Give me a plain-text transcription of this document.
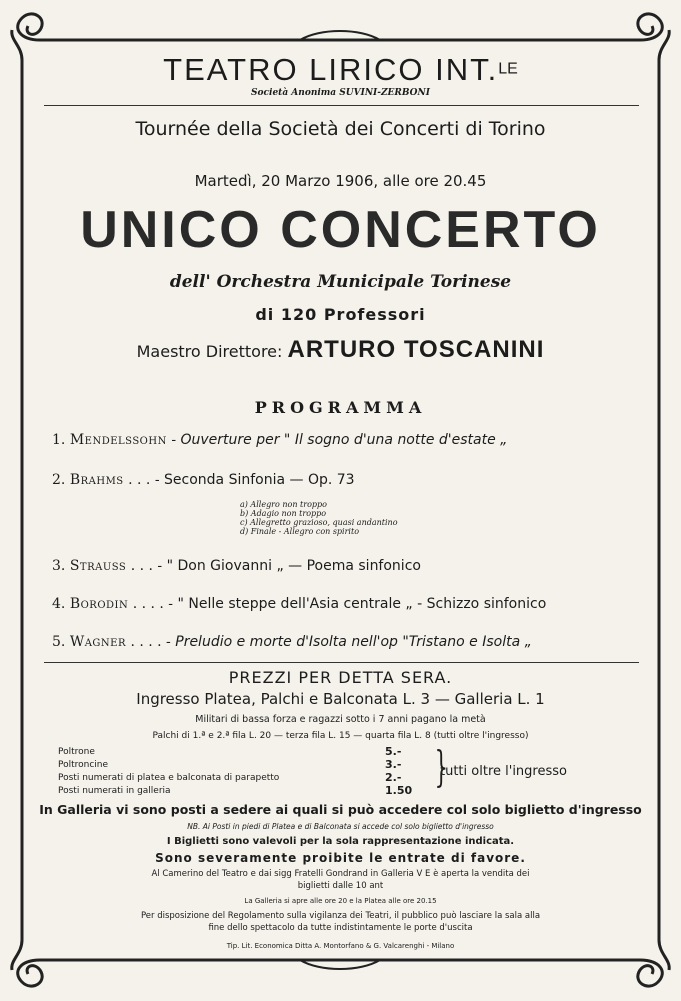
TEATRO LIRICO INT.$^{LE}$
Società Anonima SUVINI-ZERBONI
Tournée della Società dei Concerti di Torino
Martedì, 20 Marzo 1906, alle ore 20.45
UNICO CONCERTO
dell' Orchestra Municipale Torinese
di 120 Professori
Maestro Direttore: ARTURO TOSCANINI
PROGRAMMA
1. Mendelssohn - Ouverture per " Il sogno d'una notte d'estate „
2. Brahms . . . - Seconda Sinfonia — Op. 73
a) Allegro non troppo
b) Adagio non troppo
c) Allegretto grazioso, quasi andantino
d) Finale - Allegro con spirito
3. Strauss . . . - " Don Giovanni „ — Poema sinfonico
4. Borodin . . . . - " Nelle steppe dell'Asia centrale „ - Schizzo sinfonico
5. Wagner . . . . - Preludio e morte d'Isolta nell'op "Tristano e Isolta „
PREZZI PER DETTA SERA.
Ingresso Platea, Palchi e Balconata L. 3 — Galleria L. 1
Militari di bassa forza e ragazzi sotto i 7 anni pagano la metà
Palchi di 1.ª e 2.ª fila L. 20 — terza fila L. 15 — quarta fila L. 8 (tutti oltre l'ingresso)
Poltrone	5.-
Poltroncine	3.-
Posti numerati di platea e balconata di parapetto	2.-
Posti numerati in galleria	1.50 }
tutti oltre l'ingresso
In Galleria vi sono posti a sedere ai quali si può accedere col solo biglietto d'ingresso
NB. Ai Posti in piedi di Platea e di Balconata si accede col solo biglietto d'ingresso
I Biglietti sono valevoli per la sola rappresentazione indicata.
Sono severamente proibite le entrate di favore.
Al Camerino del Teatro e dai sigg Fratelli Gondrand in Galleria V E è aperta la vendita dei
biglietti dalle 10 ant
La Galleria si apre alle ore 20 e la Platea alle ore 20.15
Per disposizione del Regolamento sulla vigilanza dei Teatri, il pubblico può lasciare la sala alla
fine dello spettacolo da tutte indistintamente le porte d'uscita
Tip. Lit. Economica Ditta A. Montorfano & G. Valcarenghi - Milano
